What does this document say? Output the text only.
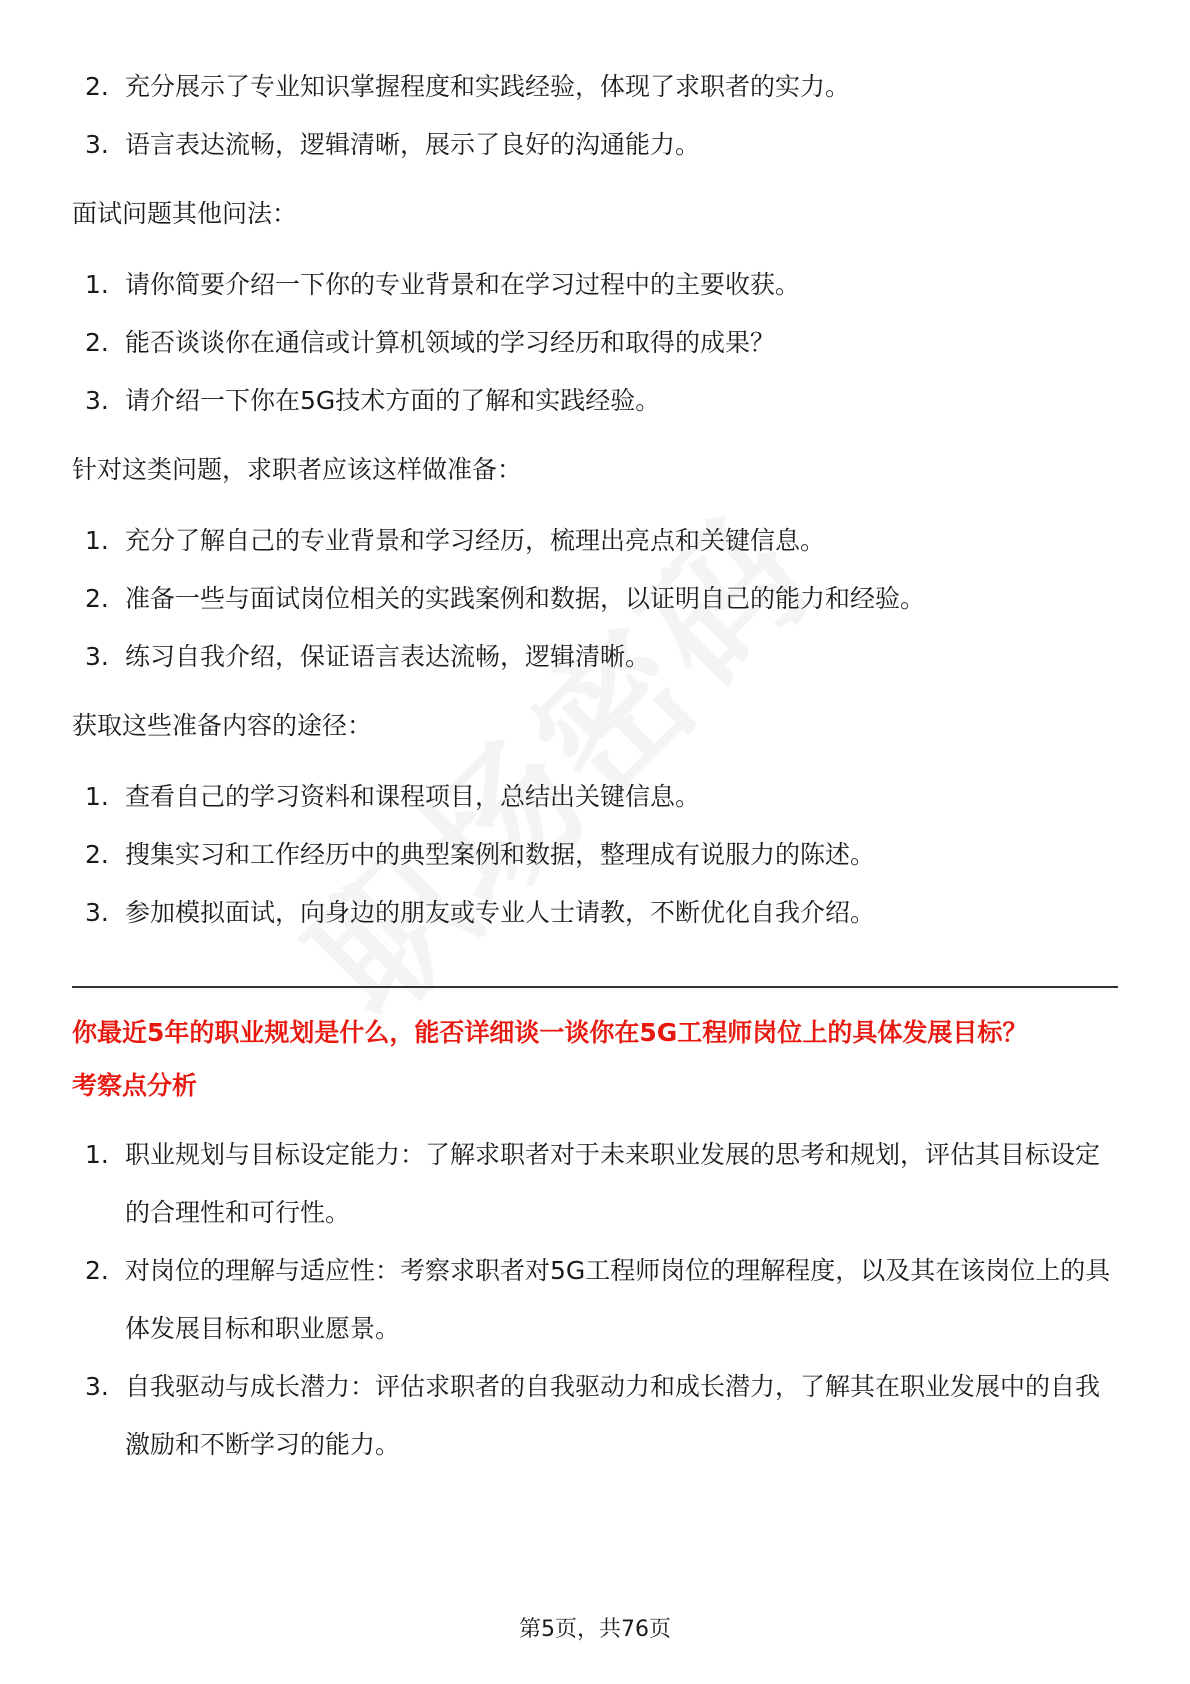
2. 充分展示了专业知识掌握程度和实践经验，体现了求职者的实力。
3. 语言表达流畅，逻辑清晰，展示了良好的沟通能力。
面试问题其他问法：
1. 请你简要介绍一下你的专业背景和在学习过程中的主要收获。
2. 能否谈谈你在通信或计算机领域的学习经历和取得的成果？
3. 请介绍一下你在5G技术方面的了解和实践经验。
针对这类问题，求职者应该这样做准备：
1. 充分了解自己的专业背景和学习经历，梳理出亮点和关键信息。
2. 准备一些与面试岗位相关的实践案例和数据，以证明自己的能力和经验。
3. 练习自我介绍，保证语言表达流畅，逻辑清晰。
获取这些准备内容的途径：
1. 查看自己的学习资料和课程项目，总结出关键信息。
2. 搜集实习和工作经历中的典型案例和数据，整理成有说服力的陈述。
3. 参加模拟面试，向身边的朋友或专业人士请教，不断优化自我介绍。
你最近5年的职业规划是什么，能否详细谈一谈你在5G工程师岗位上的具体发展目标？
考察点分析
1. 职业规划与目标设定能力：了解求职者对于未来职业发展的思考和规划，评估其目标设定的合理性和可行性。
2. 对岗位的理解与适应性：考察求职者对5G工程师岗位的理解程度，以及其在该岗位上的具体发展目标和职业愿景。
3. 自我驱动与成长潜力：评估求职者的自我驱动力和成长潜力，了解其在职业发展中的自我激励和不断学习的能力。
第5页，共76页
